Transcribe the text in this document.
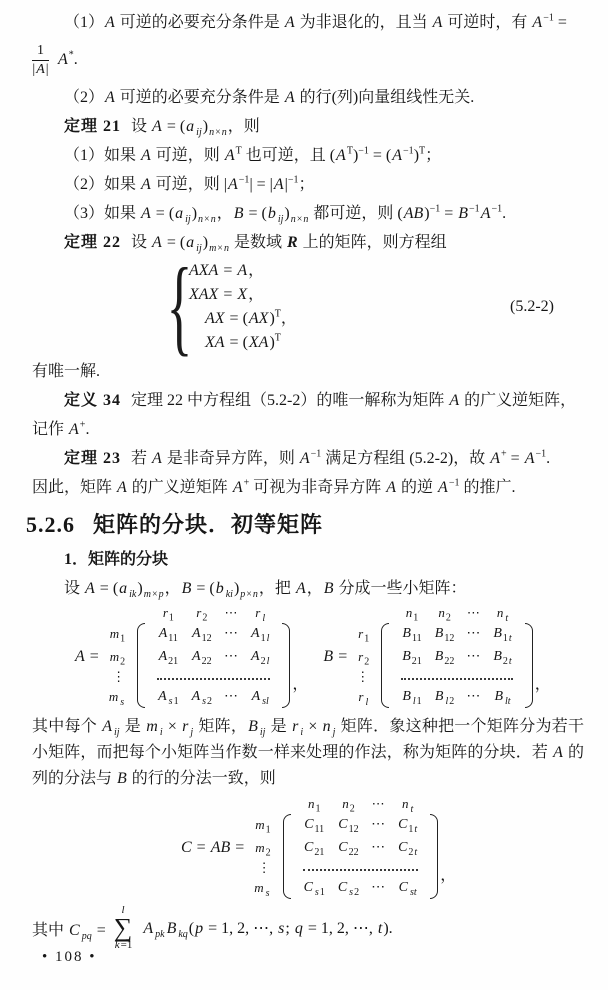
（1）A 可逆的必要充分条件是 A 为非退化的，且当 A 可逆时，有 $A^{-1}$ =

$\frac{1}{|A|} A^*$.

（2）A 可逆的必要充分条件是 A 的行(列)向量组线性无关.

定理 21 设 A = (a $_{ij})_{n\times n}$，则

（1）如果 A 可逆，则 $A^T$ 也可逆，且 $(A^T)^{-1} = (A^{-1})^T$；

（2）如果 A 可逆，则 $|A^{-1}| = |A|^{-1}$；

（3）如果 A = (a $_{ij})_{n\times n}$，B = (b $_{ij})_{n\times n}$ 都可逆，则 $(AB)^{-1} = B^{-1}A^{-1}$.

定理 22 设 A = (a $_{ij})_{m\times n}$ 是数域 R 上的矩阵，则方程组

{
AXA = A，
XAX = X，
AX = (AX)$^T$，
XA = (XA)$^T$
(5.2-2)

有唯一解.

定义 34 定理 22 中方程组（5.2-2）的唯一解称为矩阵 A 的广义逆矩阵，

记作 A+.

定理 23 若 A 是非奇异方阵，则 $A^{-1}$ 满足方程组 (5.2-2)，故 $A^+ = A^{-1}$.

因此，矩阵 A 的广义逆矩阵 A+ 可视为非奇异方阵 A 的逆 $A^{-1}$ 的推广.

5.2.6 矩阵的分块．初等矩阵

1．矩阵的分块

设 A = (a $_{ik})_{m\times p}$，B = (b $_{ki})_{p\times n}$，把 A，B 分成一些小矩阵：

A =
$r_1$ $r_2$ ⋯ r $_l$
$m_1$
$m_2$
⋮
m $_s$
$A_{11}$ $A_{12}$ ⋯ $A_{1l}$
$A_{21}$ $A_{22}$ ⋯ $A_{2l}$
A $_{s1}$ A $_{s2}$ ⋯ A $_{sl}$
，
B =
$n_1$ $n_2$ ⋯ n $_t$
$r_1$
$r_2$
⋮
r $_l$
$B_{11}$ $B_{12}$ ⋯ $B_{1t}$
$B_{21}$ $B_{22}$ ⋯ $B_{2t}$
B $_{l1}$ B $_{l2}$ ⋯ B $_{lt}$
，

其中每个 A $_{ij}$ 是 m $_i$ × r $_j$ 矩阵，B $_{ij}$ 是 r $_i$ × n $_j$ 矩阵．象这种把一个矩阵分为若干小矩阵，而把每个小矩阵当作数一样来处理的作法，称为矩阵的分块．若 A 的列的分法与 B 的行的分法一致，则

C = AB =
$n_1$ $n_2$ ⋯ n $_t$
$m_1$
$m_2$
⋮
m $_s$
$C_{11}$ $C_{12}$ ⋯ $C_{1t}$
$C_{21}$ $C_{22}$ ⋯ $C_{2t}$
C $_{s1}$ C $_{s2}$ ⋯ C $_{st}$
，
其中 C $_{pq}$ =
l
∑
k=1
A $_{pk}$ B $_{kq}$(p = 1, 2, ⋯, s; q = 1, 2, ⋯, t).
• 108 •
